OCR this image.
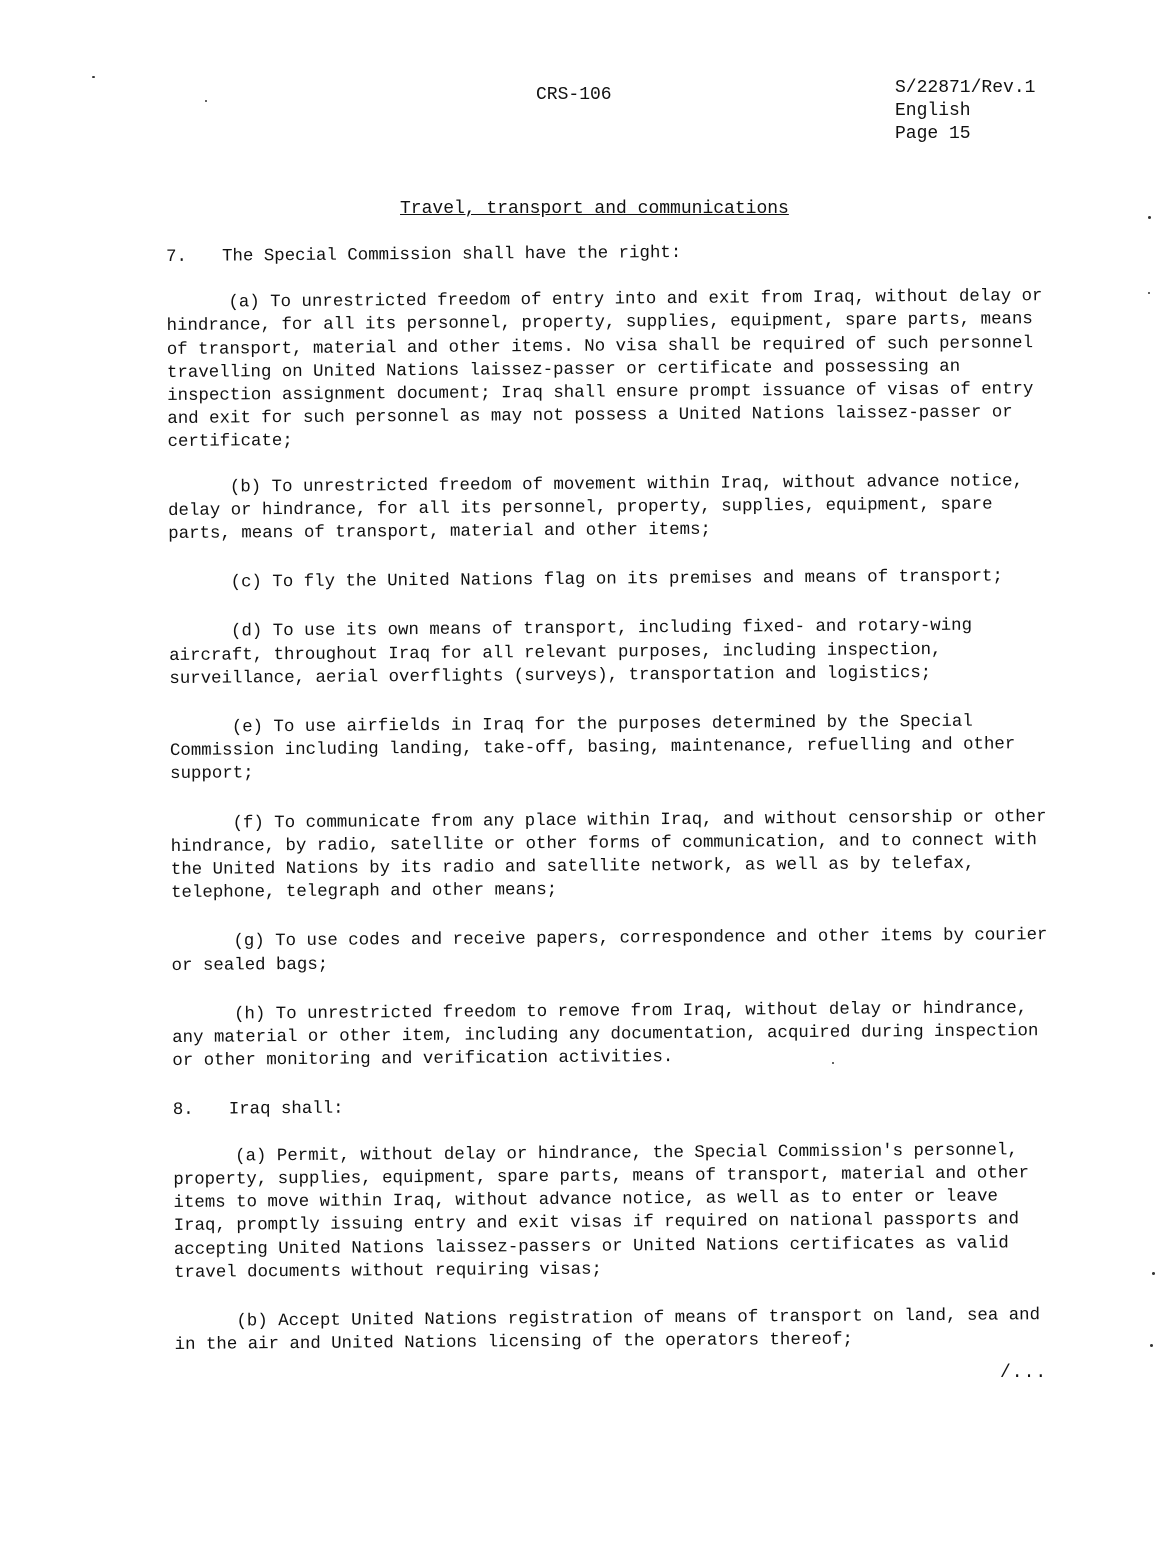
CRS-106	S/22871/Rev.1
English
Page 15
Travel, transport and communications
7. The Special Commission shall have the right:

(a) To unrestricted freedom of entry into and exit from Iraq, without delay or hindrance, for all its personnel, property, supplies, equipment, spare parts, means of transport, material and other items. No visa shall be required of such personnel travelling on United Nations laissez-passer or certificate and possessing an inspection assignment document; Iraq shall ensure prompt issuance of visas of entry and exit for such personnel as may not possess a United Nations laissez-passer or certificate;

(b) To unrestricted freedom of movement within Iraq, without advance notice, delay or hindrance, for all its personnel, property, supplies, equipment, spare parts, means of transport, material and other items;

(c) To fly the United Nations flag on its premises and means of transport;

(d) To use its own means of transport, including fixed- and rotary-wing aircraft, throughout Iraq for all relevant purposes, including inspection, surveillance, aerial overflights (surveys), transportation and logistics;

(e) To use airfields in Iraq for the purposes determined by the Special Commission including landing, take-off, basing, maintenance, refuelling and other support;

(f) To communicate from any place within Iraq, and without censorship or other hindrance, by radio, satellite or other forms of communication, and to connect with the United Nations by its radio and satellite network, as well as by telefax, telephone, telegraph and other means;

(g) To use codes and receive papers, correspondence and other items by courier or sealed bags;

(h) To unrestricted freedom to remove from Iraq, without delay or hindrance, any material or other item, including any documentation, acquired during inspection or other monitoring and verification activities.

8. Iraq shall:

(a) Permit, without delay or hindrance, the Special Commission's personnel, property, supplies, equipment, spare parts, means of transport, material and other items to move within Iraq, without advance notice, as well as to enter or leave Iraq, promptly issuing entry and exit visas if required on national passports and accepting United Nations laissez-passers or United Nations certificates as valid travel documents without requiring visas;

(b) Accept United Nations registration of means of transport on land, sea and in the air and United Nations licensing of the operators thereof;

/...
